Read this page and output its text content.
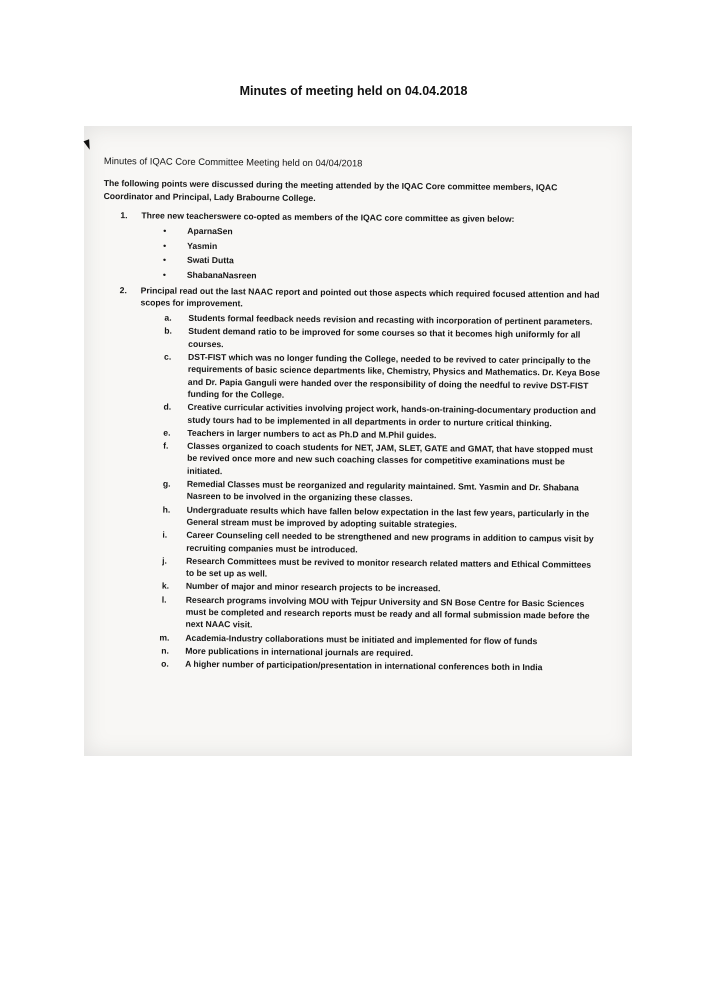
Minutes of meeting held on 04.04.2018
Minutes of IQAC Core Committee Meeting held on 04/04/2018
The following points were discussed during the meeting attended by the IQAC Core committee members, IQAC Coordinator and Principal, Lady Brabourne College.
1. Three new teacherswere co-opted as members of the IQAC core committee as given below:
• AparnaSen
• Yasmin
• Swati Dutta
• ShabanaNasreen
2. Principal read out the last NAAC report and pointed out those aspects which required focused attention and had scopes for improvement.
a. Students formal feedback needs revision and recasting with incorporation of pertinent parameters.
b. Student demand ratio to be improved for some courses so that it becomes high uniformly for all courses.
c. DST-FIST which was no longer funding the College, needed to be revived to cater principally to the requirements of basic science departments like, Chemistry, Physics and Mathematics. Dr. Keya Bose and Dr. Papia Ganguli were handed over the responsibility of doing the needful to revive DST-FIST funding for the College.
d. Creative curricular activities involving project work, hands-on-training-documentary production and study tours had to be implemented in all departments in order to nurture critical thinking.
e. Teachers in larger numbers to act as Ph.D and M.Phil guides.
f. Classes organized to coach students for NET, JAM, SLET, GATE and GMAT, that have stopped must be revived once more and new such coaching classes for competitive examinations must be initiated.
g. Remedial Classes must be reorganized and regularity maintained. Smt. Yasmin and Dr. Shabana Nasreen to be involved in the organizing these classes.
h. Undergraduate results which have fallen below expectation in the last few years, particularly in the General stream must be improved by adopting suitable strategies.
i. Career Counseling cell needed to be strengthened and new programs in addition to campus visit by recruiting companies must be introduced.
j. Research Committees must be revived to monitor research related matters and Ethical Committees to be set up as well.
k. Number of major and minor research projects to be increased.
l. Research programs involving MOU with Tejpur University and SN Bose Centre for Basic Sciences must be completed and research reports must be ready and all formal submission made before the next NAAC visit.
m. Academia-Industry collaborations must be initiated and implemented for flow of funds
n. More publications in international journals are required.
o. A higher number of participation/presentation in international conferences both in India
